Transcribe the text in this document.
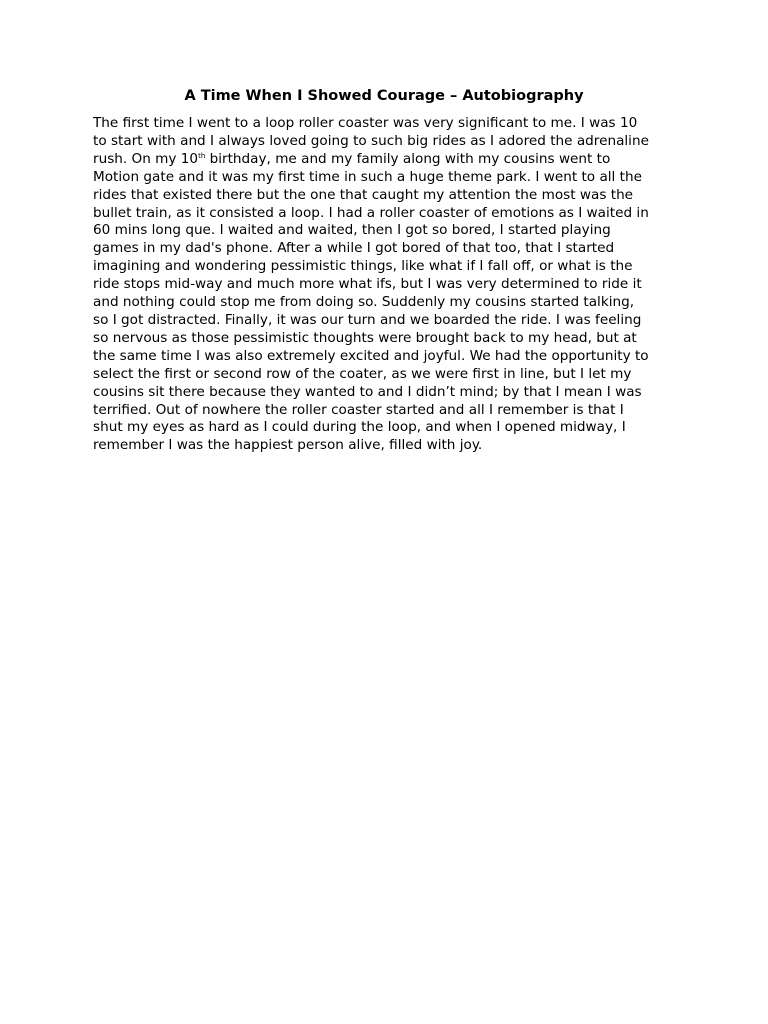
A Time When I Showed Courage – Autobiography
The first time I went to a loop roller coaster was very significant to me. I was 10
to start with and I always loved going to such big rides as I adored the adrenaline
rush. On my 10th birthday, me and my family along with my cousins went to
Motion gate and it was my first time in such a huge theme park. I went to all the
rides that existed there but the one that caught my attention the most was the
bullet train, as it consisted a loop. I had a roller coaster of emotions as I waited in
60 mins long que. I waited and waited, then I got so bored, I started playing
games in my dad's phone. After a while I got bored of that too, that I started
imagining and wondering pessimistic things, like what if I fall off, or what is the
ride stops mid-way and much more what ifs, but I was very determined to ride it
and nothing could stop me from doing so. Suddenly my cousins started talking,
so I got distracted. Finally, it was our turn and we boarded the ride. I was feeling
so nervous as those pessimistic thoughts were brought back to my head, but at
the same time I was also extremely excited and joyful. We had the opportunity to
select the first or second row of the coater, as we were first in line, but I let my
cousins sit there because they wanted to and I didn’t mind; by that I mean I was
terrified. Out of nowhere the roller coaster started and all I remember is that I
shut my eyes as hard as I could during the loop, and when I opened midway, I
remember I was the happiest person alive, filled with joy.
